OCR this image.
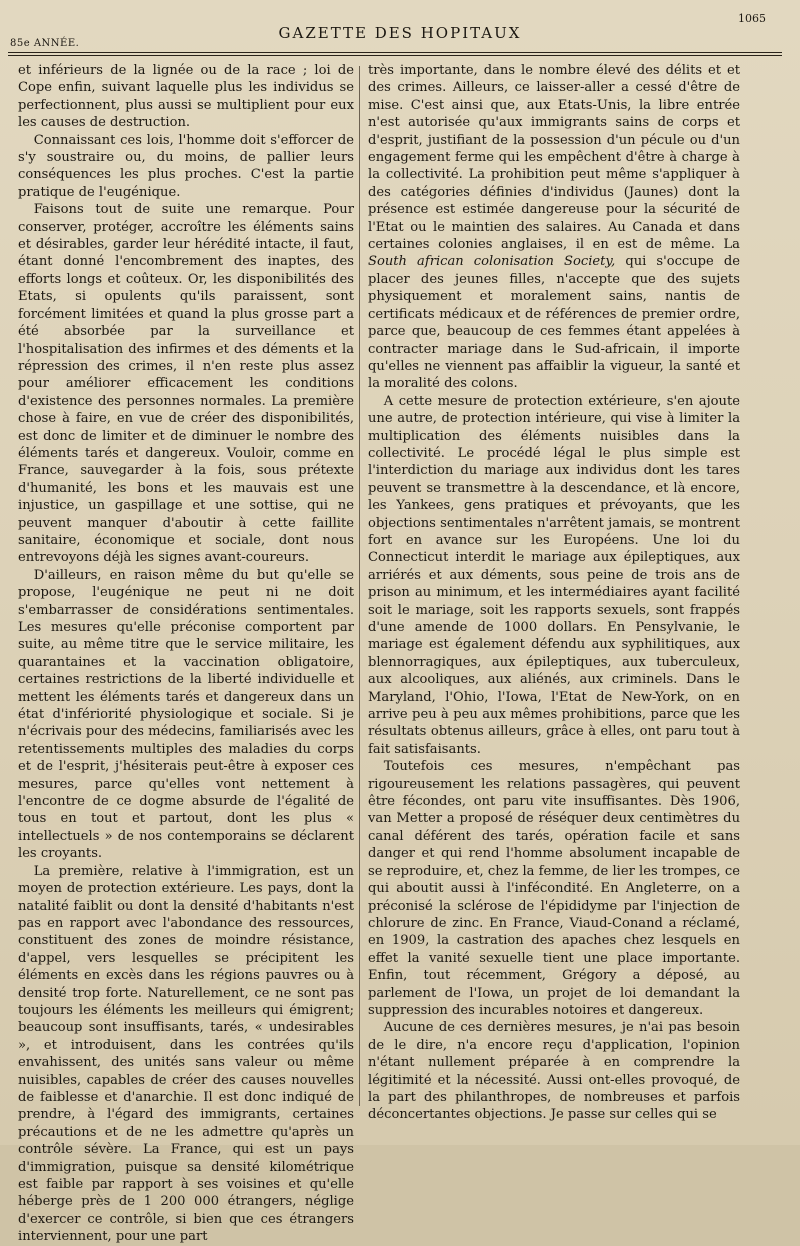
85e ANNÉE.
GAZETTE DES HOPITAUX
1065

et inférieurs de la lignée ou de la race ; loi de Cope enfin, suivant laquelle plus les individus se perfectionnent, plus aussi se multiplient pour eux les causes de destruction.

Connaissant ces lois, l'homme doit s'efforcer de s'y soustraire ou, du moins, de pallier leurs conséquences les plus proches. C'est la partie pratique de l'eugénique.

Faisons tout de suite une remarque. Pour conserver, protéger, accroître les éléments sains et désirables, garder leur hérédité intacte, il faut, étant donné l'encombrement des inaptes, des efforts longs et coûteux. Or, les disponibilités des Etats, si opulents qu'ils paraissent, sont forcément limitées et quand la plus grosse part a été absorbée par la surveillance et l'hospitalisation des infirmes et des déments et la répression des crimes, il n'en reste plus assez pour améliorer efficacement les conditions d'existence des personnes normales. La première chose à faire, en vue de créer des disponibilités, est donc de limiter et de diminuer le nombre des éléments tarés et dangereux. Vouloir, comme en France, sauvegarder à la fois, sous prétexte d'humanité, les bons et les mauvais est une injustice, un gaspillage et une sottise, qui ne peuvent manquer d'aboutir à cette faillite sanitaire, économique et sociale, dont nous entrevoyons déjà les signes avant-coureurs.

D'ailleurs, en raison même du but qu'elle se propose, l'eugénique ne peut ni ne doit s'embarrasser de considérations sentimentales. Les mesures qu'elle préconise comportent par suite, au même titre que le service militaire, les quarantaines et la vaccination obligatoire, certaines restrictions de la liberté individuelle et mettent les éléments tarés et dangereux dans un état d'infériorité physiologique et sociale. Si je n'écrivais pour des médecins, familiarisés avec les retentissements multiples des maladies du corps et de l'esprit, j'hésiterais peut-être à exposer ces mesures, parce qu'elles vont nettement à l'encontre de ce dogme absurde de l'égalité de tous en tout et partout, dont les plus « intellectuels » de nos contemporains se déclarent les croyants.

La première, relative à l'immigration, est un moyen de protection extérieure. Les pays, dont la natalité faiblit ou dont la densité d'habitants n'est pas en rapport avec l'abondance des ressources, constituent des zones de moindre résistance, d'appel, vers lesquelles se précipitent les éléments en excès dans les régions pauvres ou à densité trop forte. Naturellement, ce ne sont pas toujours les éléments les meilleurs qui émigrent; beaucoup sont insuffisants, tarés, « undesirables », et introduisent, dans les contrées qu'ils envahissent, des unités sans valeur ou même nuisibles, capables de créer des causes nouvelles de faiblesse et d'anarchie. Il est donc indiqué de prendre, à l'égard des immigrants, certaines précautions et de ne les admettre qu'après un contrôle sévère. La France, qui est un pays d'immigration, puisque sa densité kilométrique est faible par rapport à ses voisines et qu'elle héberge près de 1 200 000 étrangers, néglige d'exercer ce contrôle, si bien que ces étrangers interviennent, pour une part

très importante, dans le nombre élevé des délits et et des crimes. Ailleurs, ce laisser-aller a cessé d'être de mise. C'est ainsi que, aux Etats-Unis, la libre entrée n'est autorisée qu'aux immigrants sains de corps et d'esprit, justifiant de la possession d'un pécule ou d'un engagement ferme qui les empêchent d'être à charge à la collectivité. La prohibition peut même s'appliquer à des catégories définies d'individus (Jaunes) dont la présence est estimée dangereuse pour la sécurité de l'Etat ou le maintien des salaires. Au Canada et dans certaines colonies anglaises, il en est de même. La South african colonisation Society, qui s'occupe de placer des jeunes filles, n'accepte que des sujets physiquement et moralement sains, nantis de certificats médicaux et de références de premier ordre, parce que, beaucoup de ces femmes étant appelées à contracter mariage dans le Sud-africain, il importe qu'elles ne viennent pas affaiblir la vigueur, la santé et la moralité des colons.

A cette mesure de protection extérieure, s'en ajoute une autre, de protection intérieure, qui vise à limiter la multiplication des éléments nuisibles dans la collectivité. Le procédé légal le plus simple est l'interdiction du mariage aux individus dont les tares peuvent se transmettre à la descendance, et là encore, les Yankees, gens pratiques et prévoyants, que les objections sentimentales n'arrêtent jamais, se montrent fort en avance sur les Européens. Une loi du Connecticut interdit le mariage aux épileptiques, aux arriérés et aux déments, sous peine de trois ans de prison au minimum, et les intermédiaires ayant facilité soit le mariage, soit les rapports sexuels, sont frappés d'une amende de 1000 dollars. En Pensylvanie, le mariage est également défendu aux syphilitiques, aux blennorragiques, aux épileptiques, aux tuberculeux, aux alcooliques, aux aliénés, aux criminels. Dans le Maryland, l'Ohio, l'Iowa, l'Etat de New-York, on en arrive peu à peu aux mêmes prohibitions, parce que les résultats obtenus ailleurs, grâce à elles, ont paru tout à fait satisfaisants.

Toutefois ces mesures, n'empêchant pas rigoureusement les relations passagères, qui peuvent être fécondes, ont paru vite insuffisantes. Dès 1906, van Metter a proposé de réséquer deux centimètres du canal déférent des tarés, opération facile et sans danger et qui rend l'homme absolument incapable de se reproduire, et, chez la femme, de lier les trompes, ce qui aboutit aussi à l'infécondité. En Angleterre, on a préconisé la sclérose de l'épididyme par l'injection de chlorure de zinc. En France, Viaud-Conand a réclamé, en 1909, la castration des apaches chez lesquels en effet la vanité sexuelle tient une place importante. Enfin, tout récemment, Grégory a déposé, au parlement de l'Iowa, un projet de loi demandant la suppression des incurables notoires et dangereux.

Aucune de ces dernières mesures, je n'ai pas besoin de le dire, n'a encore reçu d'application, l'opinion n'étant nullement préparée à en comprendre la légitimité et la nécessité. Aussi ont-elles provoqué, de la part des philanthropes, de nombreuses et parfois déconcertantes objections. Je passe sur celles qui se
